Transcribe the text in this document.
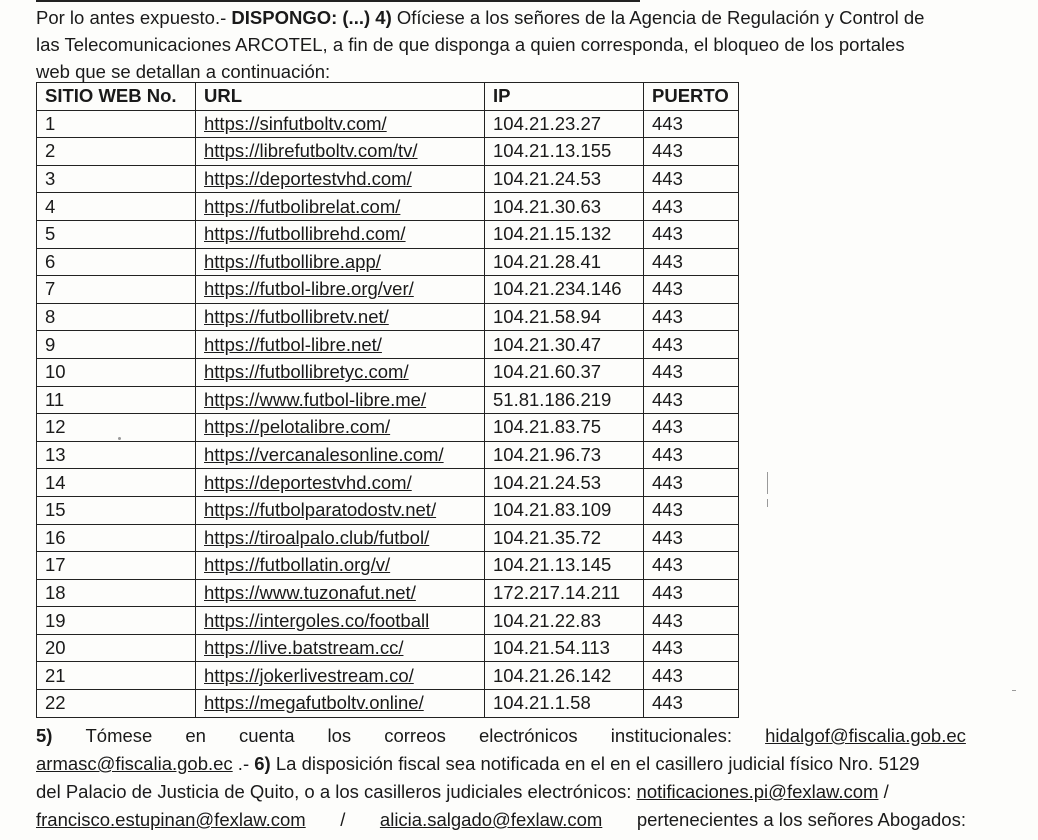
Por lo antes expuesto.- DISPONGO: (...) 4) Ofíciese a los señores de la Agencia de Regulación y Control de
las Telecomunicaciones ARCOTEL, a fin de que disponga a quien corresponda, el bloqueo de los portales
web que se detallan a continuación:

SITIO WEB No.	URL	IP	PUERTO
1	https://sinfutboltv.com/	104.21.23.27	443
2	https://librefutboltv.com/tv/	104.21.13.155	443
3	https://deportestvhd.com/	104.21.24.53	443
4	https://futbolibrelat.com/	104.21.30.63	443
5	https://futbollibrehd.com/	104.21.15.132	443
6	https://futbollibre.app/	104.21.28.41	443
7	https://futbol-libre.org/ver/	104.21.234.146	443
8	https://futbollibretv.net/	104.21.58.94	443
9	https://futbol-libre.net/	104.21.30.47	443
10	https://futbollibretyc.com/	104.21.60.37	443
11	https://www.futbol-libre.me/	51.81.186.219	443
12	https://pelotalibre.com/	104.21.83.75	443
13	https://vercanalesonline.com/	104.21.96.73	443
14	https://deportestvhd.com/	104.21.24.53	443
15	https://futbolparatodostv.net/	104.21.83.109	443
16	https://tiroalpalo.club/futbol/	104.21.35.72	443
17	https://futbollatin.org/v/	104.21.13.145	443
18	https://www.tuzonafut.net/	172.217.14.211	443
19	https://intergoles.co/football	104.21.22.83	443
20	https://live.batstream.cc/	104.21.54.113	443
21	https://jokerlivestream.co/	104.21.26.142	443
22	https://megafutboltv.online/	104.21.1.58	443
5) Tómese en cuenta los correos electrónicos institucionales: hidalgof@fiscalia.gob.ec
armasc@fiscalia.gob.ec .- 6) La disposición fiscal sea notificada en el en el casillero judicial físico Nro. 5129
del Palacio de Justicia de Quito, o a los casilleros judiciales electrónicos: notificaciones.pi@fexlaw.com /
francisco.estupinan@fexlaw.com / alicia.salgado@fexlaw.com pertenecientes a los señores Abogados:
